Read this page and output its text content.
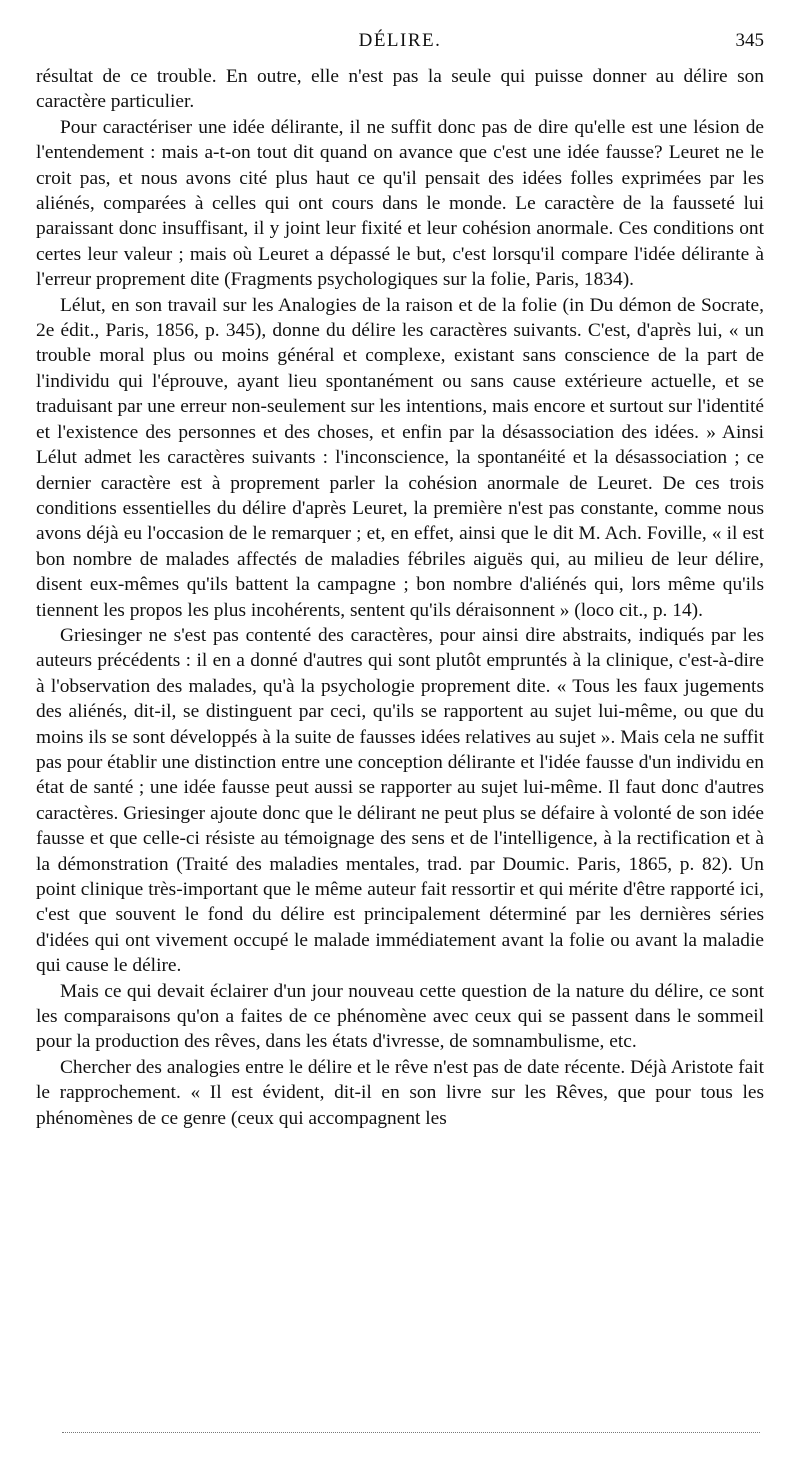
DÉLIRE.	345

résultat de ce trouble. En outre, elle n'est pas la seule qui puisse donner au délire son caractère particulier.

Pour caractériser une idée délirante, il ne suffit donc pas de dire qu'elle est une lésion de l'entendement : mais a-t-on tout dit quand on avance que c'est une idée fausse? Leuret ne le croit pas, et nous avons cité plus haut ce qu'il pensait des idées folles exprimées par les aliénés, comparées à celles qui ont cours dans le monde. Le caractère de la fausseté lui paraissant donc insuffisant, il y joint leur fixité et leur cohésion anormale. Ces conditions ont certes leur valeur ; mais où Leuret a dépassé le but, c'est lorsqu'il compare l'idée délirante à l'erreur proprement dite (Fragments psychologiques sur la folie, Paris, 1834).

Lélut, en son travail sur les Analogies de la raison et de la folie (in Du démon de Socrate, 2e édit., Paris, 1856, p. 345), donne du délire les caractères suivants. C'est, d'après lui, « un trouble moral plus ou moins général et complexe, existant sans conscience de la part de l'individu qui l'éprouve, ayant lieu spontanément ou sans cause extérieure actuelle, et se traduisant par une erreur non-seulement sur les intentions, mais encore et surtout sur l'identité et l'existence des personnes et des choses, et enfin par la désassociation des idées. » Ainsi Lélut admet les caractères suivants : l'inconscience, la spontanéité et la désassociation ; ce dernier caractère est à proprement parler la cohésion anormale de Leuret. De ces trois conditions essentielles du délire d'après Leuret, la première n'est pas constante, comme nous avons déjà eu l'occasion de le remarquer ; et, en effet, ainsi que le dit M. Ach. Foville, « il est bon nombre de malades affectés de maladies fébriles aiguës qui, au milieu de leur délire, disent eux-mêmes qu'ils battent la campagne ; bon nombre d'aliénés qui, lors même qu'ils tiennent les propos les plus incohérents, sentent qu'ils déraisonnent » (loco cit., p. 14).

Griesinger ne s'est pas contenté des caractères, pour ainsi dire abstraits, indiqués par les auteurs précédents : il en a donné d'autres qui sont plutôt empruntés à la clinique, c'est-à-dire à l'observation des malades, qu'à la psychologie proprement dite. « Tous les faux jugements des aliénés, dit-il, se distinguent par ceci, qu'ils se rapportent au sujet lui-même, ou que du moins ils se sont développés à la suite de fausses idées relatives au sujet ». Mais cela ne suffit pas pour établir une distinction entre une conception délirante et l'idée fausse d'un individu en état de santé ; une idée fausse peut aussi se rapporter au sujet lui-même. Il faut donc d'autres caractères. Griesinger ajoute donc que le délirant ne peut plus se défaire à volonté de son idée fausse et que celle-ci résiste au témoignage des sens et de l'intelligence, à la rectification et à la démonstration (Traité des maladies mentales, trad. par Doumic. Paris, 1865, p. 82). Un point clinique très-important que le même auteur fait ressortir et qui mérite d'être rapporté ici, c'est que souvent le fond du délire est principalement déterminé par les dernières séries d'idées qui ont vivement occupé le malade immédiatement avant la folie ou avant la maladie qui cause le délire.

Mais ce qui devait éclairer d'un jour nouveau cette question de la nature du délire, ce sont les comparaisons qu'on a faites de ce phénomène avec ceux qui se passent dans le sommeil pour la production des rêves, dans les états d'ivresse, de somnambulisme, etc.

Chercher des analogies entre le délire et le rêve n'est pas de date récente. Déjà Aristote fait le rapprochement. « Il est évident, dit-il en son livre sur les Rêves, que pour tous les phénomènes de ce genre (ceux qui accompagnent les
